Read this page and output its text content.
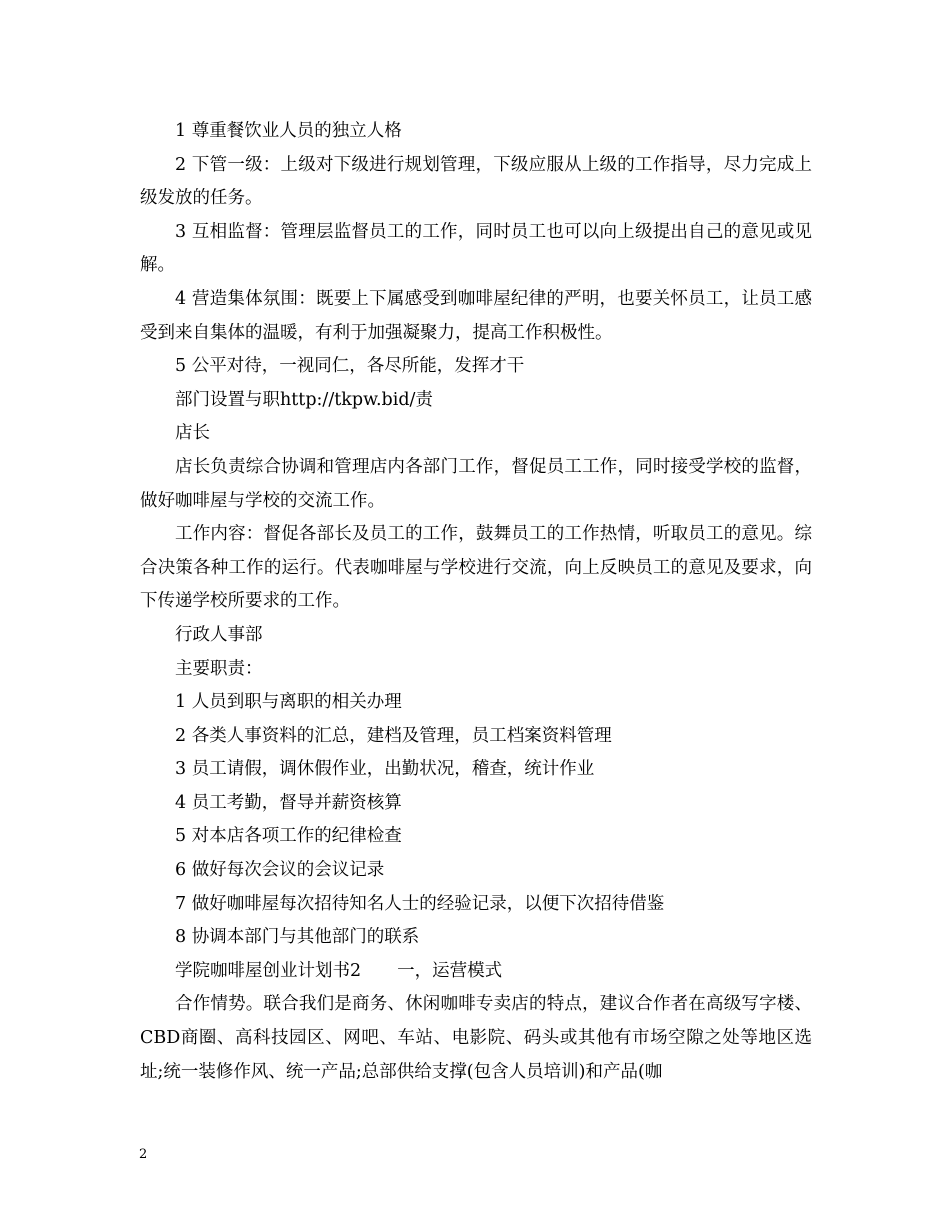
1 尊重餐饮业人员的独立人格

2 下管一级：上级对下级进行规划管理，下级应服从上级的工作指导，尽力完成上级发放的任务。

3 互相监督：管理层监督员工的工作，同时员工也可以向上级提出自己的意见或见解。

4 营造集体氛围：既要上下属感受到咖啡屋纪律的严明，也要关怀员工，让员工感受到来自集体的温暖，有利于加强凝聚力，提高工作积极性。

5 公平对待，一视同仁，各尽所能，发挥才干

部门设置与职http://tkpw.bid/责

店长

店长负责综合协调和管理店内各部门工作，督促员工工作，同时接受学校的监督，做好咖啡屋与学校的交流工作。

工作内容：督促各部长及员工的工作，鼓舞员工的工作热情，听取员工的意见。综合决策各种工作的运行。代表咖啡屋与学校进行交流，向上反映员工的意见及要求，向下传递学校所要求的工作。

行政人事部

主要职责：

1 人员到职与离职的相关办理

2 各类人事资料的汇总，建档及管理，员工档案资料管理

3 员工请假，调休假作业，出勤状况，稽查，统计作业

4 员工考勤，督导并薪资核算

5 对本店各项工作的纪律检查

6 做好每次会议的会议记录

7 做好咖啡屋每次招待知名人士的经验记录，以便下次招待借鉴

8 协调本部门与其他部门的联系

学院咖啡屋创业计划书2 一，运营模式

合作情势。联合我们是商务、休闲咖啡专卖店的特点，建议合作者在高级写字楼、CBD商圈、高科技园区、网吧、车站、电影院、码头或其他有市场空隙之处等地区选址;统一装修作风、统一产品;总部供给支撑(包含人员培训)和产品(咖

2
